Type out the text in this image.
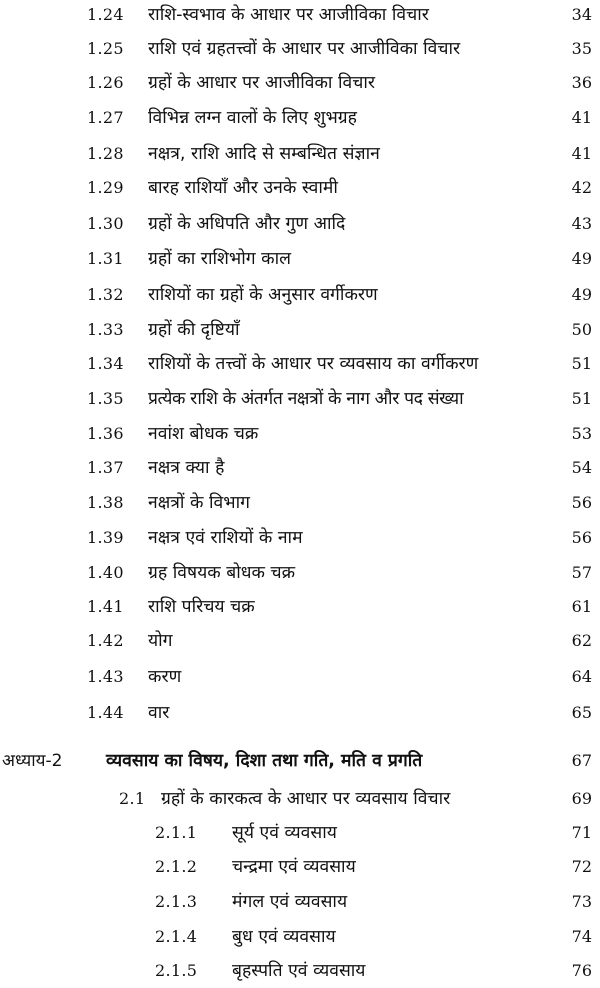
1.24 राशि-स्वभाव के आधार पर आजीविका विचार	34
1.25 राशि एवं ग्रहतत्त्वों के आधार पर आजीविका विचार	35
1.26 ग्रहों के आधार पर आजीविका विचार	36
1.27 विभिन्न लग्न वालों के लिए शुभग्रह	41
1.28 नक्षत्र, राशि आदि से सम्बन्धित संज्ञान	41
1.29 बारह राशियाँ और उनके स्वामी	42
1.30 ग्रहों के अधिपति और गुण आदि	43
1.31 ग्रहों का राशिभोग काल	49
1.32 राशियों का ग्रहों के अनुसार वर्गीकरण	49
1.33 ग्रहों की दृष्टियाँ	50
1.34 राशियों के तत्त्वों के आधार पर व्यवसाय का वर्गीकरण	51
1.35 प्रत्येक राशि के अंतर्गत नक्षत्रों के नाग और पद संख्या	51
1.36 नवांश बोधक चक्र	53
1.37 नक्षत्र क्या है	54
1.38 नक्षत्रों के विभाग	56
1.39 नक्षत्र एवं राशियों के नाम	56
1.40 ग्रह विषयक बोधक चक्र	57
1.41 राशि परिचय चक्र	61
1.42 योग	62
1.43 करण	64
1.44 वार	65
अध्याय-2 व्यवसाय का विषय, दिशा तथा गति, मति व प्रगति	67
2.1 ग्रहों के कारकत्व के आधार पर व्यवसाय विचार	69
2.1.1 सूर्य एवं व्यवसाय	71
2.1.2 चन्द्रमा एवं व्यवसाय	72
2.1.3 मंगल एवं व्यवसाय	73
2.1.4 बुध एवं व्यवसाय	74
2.1.5 बृहस्पति एवं व्यवसाय	76
